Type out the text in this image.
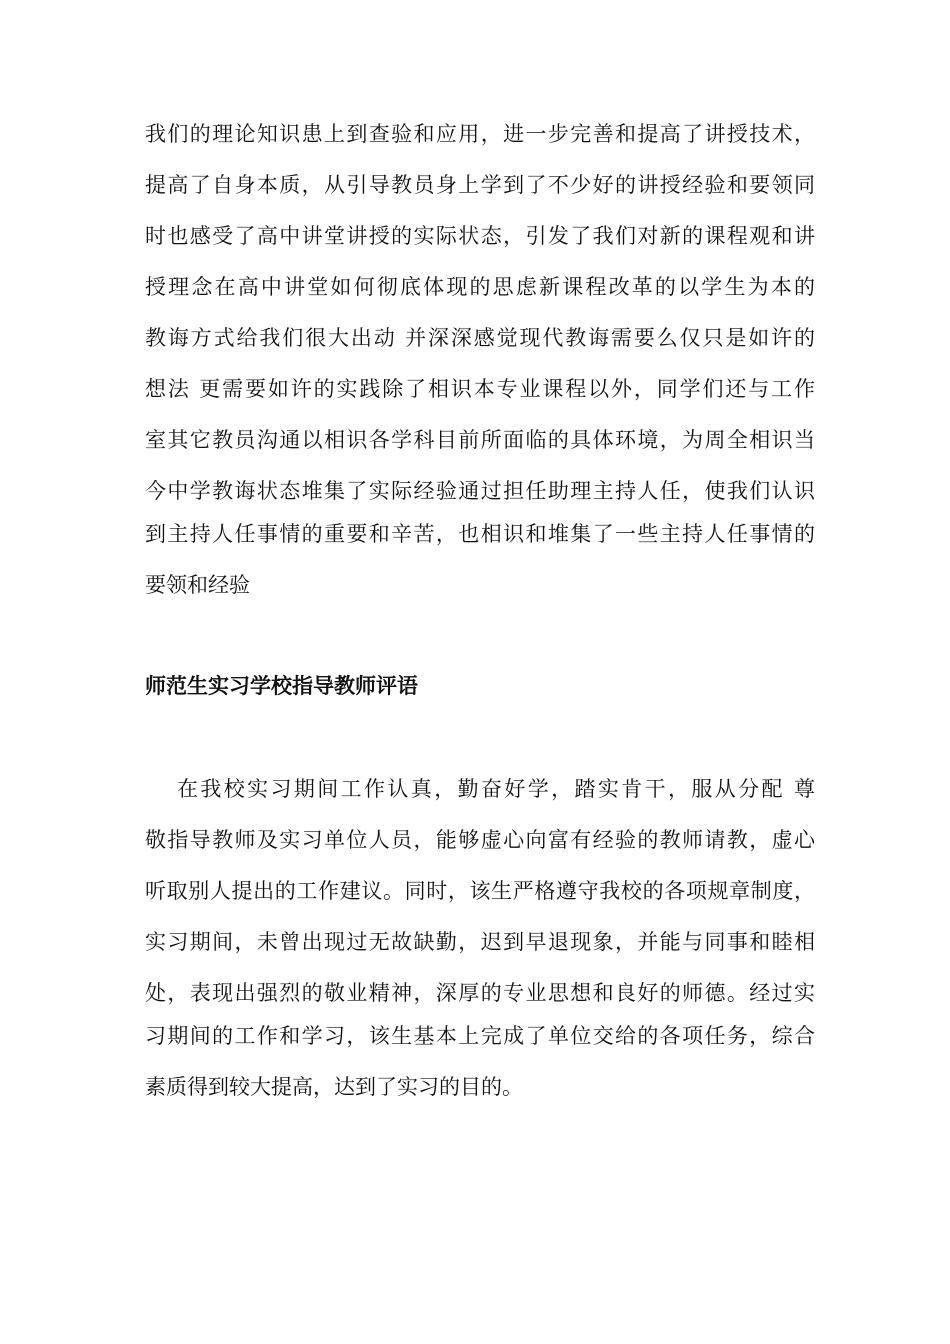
我们的理论知识患上到查验和应用，进一步完善和提高了讲授技术，

提高了自身本质，从引导教员身上学到了不少好的讲授经验和要领同

时也感受了高中讲堂讲授的实际状态，引发了我们对新的课程观和讲

授理念在高中讲堂如何彻底体现的思虑新课程改革的以学生为本的

教诲方式给我们很大出动 并深深感觉现代教诲需要么仅只是如许的

想法 更需要如许的实践除了相识本专业课程以外，同学们还与工作

室其它教员沟通以相识各学科目前所面临的具体环境，为周全相识当

今中学教诲状态堆集了实际经验通过担任助理主持人任，使我们认识

到主持人任事情的重要和辛苦，也相识和堆集了一些主持人任事情的

要领和经验

师范生实习学校指导教师评语

在我校实习期间工作认真，勤奋好学，踏实肯干，服从分配 尊

敬指导教师及实习单位人员，能够虚心向富有经验的教师请教，虚心

听取别人提出的工作建议。同时，该生严格遵守我校的各项规章制度，

实习期间，未曾出现过无故缺勤，迟到早退现象，并能与同事和睦相

处，表现出强烈的敬业精神，深厚的专业思想和良好的师德。经过实

习期间的工作和学习，该生基本上完成了单位交给的各项任务，综合

素质得到较大提高，达到了实习的目的。
